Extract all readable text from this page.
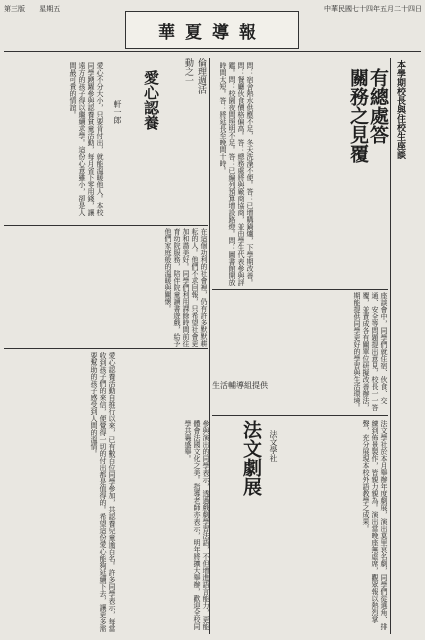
中華民國七十四年五月二十四日
第三版 星期五
華夏導報
本學期校長與住校生座談
有總處答
關務之見覆
問：宿舍熱水供應不足，冬天洗澡不便。答：已增購鍋爐，下學期改善。問：餐廳伙食價格偏高。答：總務處將與廠商協商，並由學生代表參與評鑑。問：校園夜間照明不足。答：已編列預算增設路燈。問：圖書館開放時間太短。答：將延長至晚間十時。
倫理週活動之一
愛心認養
軒一郎
愛心不分大小，只要肯付出，就能溫暖他人。本校同學踴躍參與認養貧童活動，每月省下零用錢，讓遠方的孩子得以繼續求學。這份心意雖小，卻是人間最可貴的情誼。
在這個功利的社會裡，仍有許多默默耕耘的人。他們不求回報，只希望社會更加和諧美好。同學們利用課餘時間前往育幼院服務，陪伴院童讀書遊戲，給予他們家庭般的溫暖與關懷。
座談會中，同學們就住宿、伙食、交通、安全等問題提出意見，校長一一答覆，並責成各有關單位研擬改善辦法，期能提供同學更好的學習與生活環境。
生活輔導組提供
法文劇展 法文學社	法文學社於本月舉辦年度劇展，演出莫里哀名劇，同學們從選角、排練到佈景製作，皆親力親為。演出當晚座無虛席，觀眾報以熱烈掌聲，充分展現本校外語教學之成果。
參與演出的同學表示，透過戲劇學習法語，不但增進語言能力，更能體會法國文化之美。指導老師亦表示，明年將擴大舉辦，歡迎全校同學共襄盛舉。
愛心認養活動自推行以來，已有數百位同學參加，共認養兒童逾百名。許多同學表示，每當收到孩子們的來信，便覺得一切的付出都是值得的。希望這份愛心能夠延續下去，讓更多需要幫助的孩子感受到人間的溫情。
